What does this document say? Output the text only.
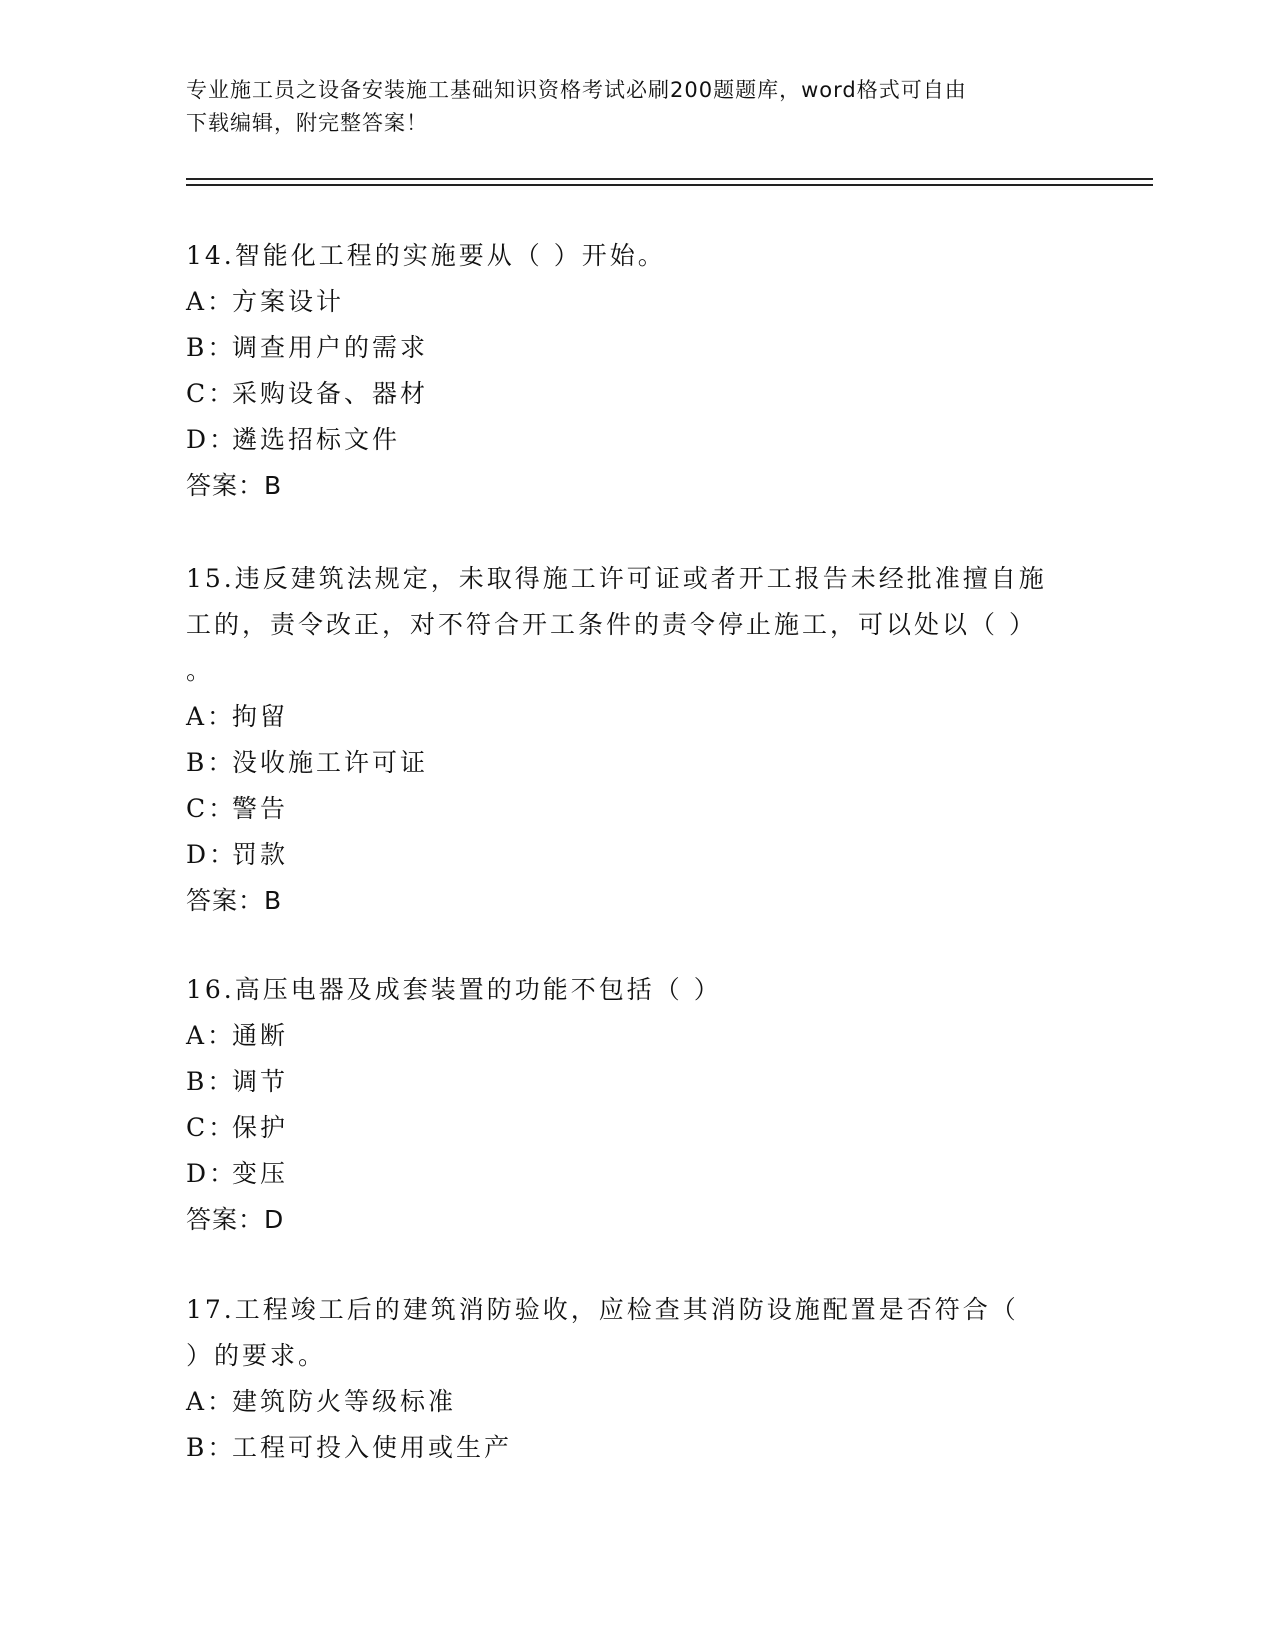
专业施工员之设备安装施工基础知识资格考试必刷200题题库，word格式可自由
下载编辑，附完整答案！
14.智能化工程的实施要从（ ）开始。
A：
方案设计
B：
调查用户的需求
C：
采购设备、器材
D：
遴选招标文件
答案：B
15.违反建筑法规定，未取得施工许可证或者开工报告未经批准擅自施
工的，责令改正，对不符合开工条件的责令停止施工，可以处以（ ）
。
A：
拘留
B：
没收施工许可证
C：
警告
D：
罚款
答案：B
16.高压电器及成套装置的功能不包括（ ）
A：
通断
B：
调节
C：
保护
D：
变压
答案：D
17.工程竣工后的建筑消防验收，应检查其消防设施配置是否符合（
）的要求。
A：
建筑防火等级标准
B：
工程可投入使用或生产
